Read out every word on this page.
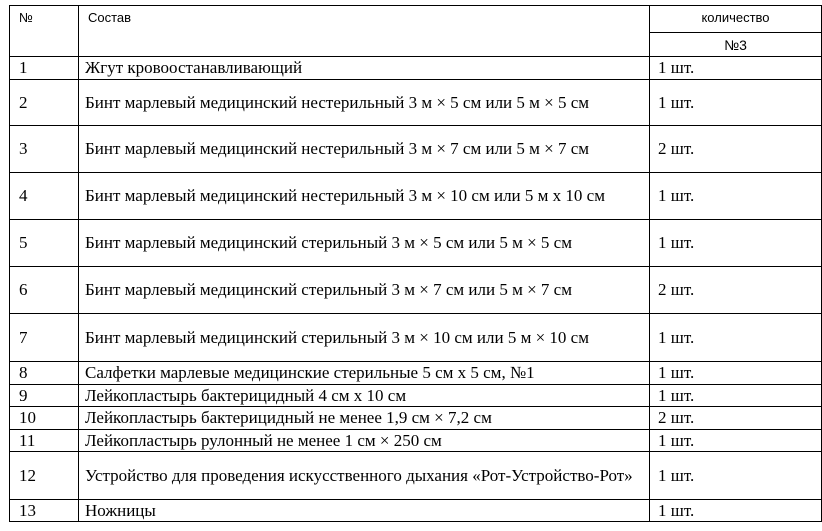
№	Состав	количество
		№3
1	Жгут кровоостанавливающий	1 шт.
2	Бинт марлевый медицинский нестерильный 3 м × 5 см или 5 м × 5 см	1 шт.
3	Бинт марлевый медицинский нестерильный 3 м × 7 см или 5 м × 7 см	2 шт.
4	Бинт марлевый медицинский нестерильный 3 м × 10 см или 5 м x 10 см	1 шт.
5	Бинт марлевый медицинский стерильный 3 м × 5 см или 5 м × 5 см	1 шт.
6	Бинт марлевый медицинский стерильный 3 м × 7 см или 5 м × 7 см	2 шт.
7	Бинт марлевый медицинский стерильный 3 м × 10 см или 5 м × 10 см	1 шт.
8	Салфетки марлевые медицинские стерильные 5 см x 5 см, №1	1 шт.
9	Лейкопластырь бактерицидный 4 см x 10 см	1 шт.
10	Лейкопластырь бактерицидный не менее 1,9 см × 7,2 см	2 шт.
11	Лейкопластырь рулонный не менее 1 см × 250 см	1 шт.
12	Устройство для проведения искусственного дыхания «Рот-Устройство-Рот»	1 шт.
13	Ножницы	1 шт.
